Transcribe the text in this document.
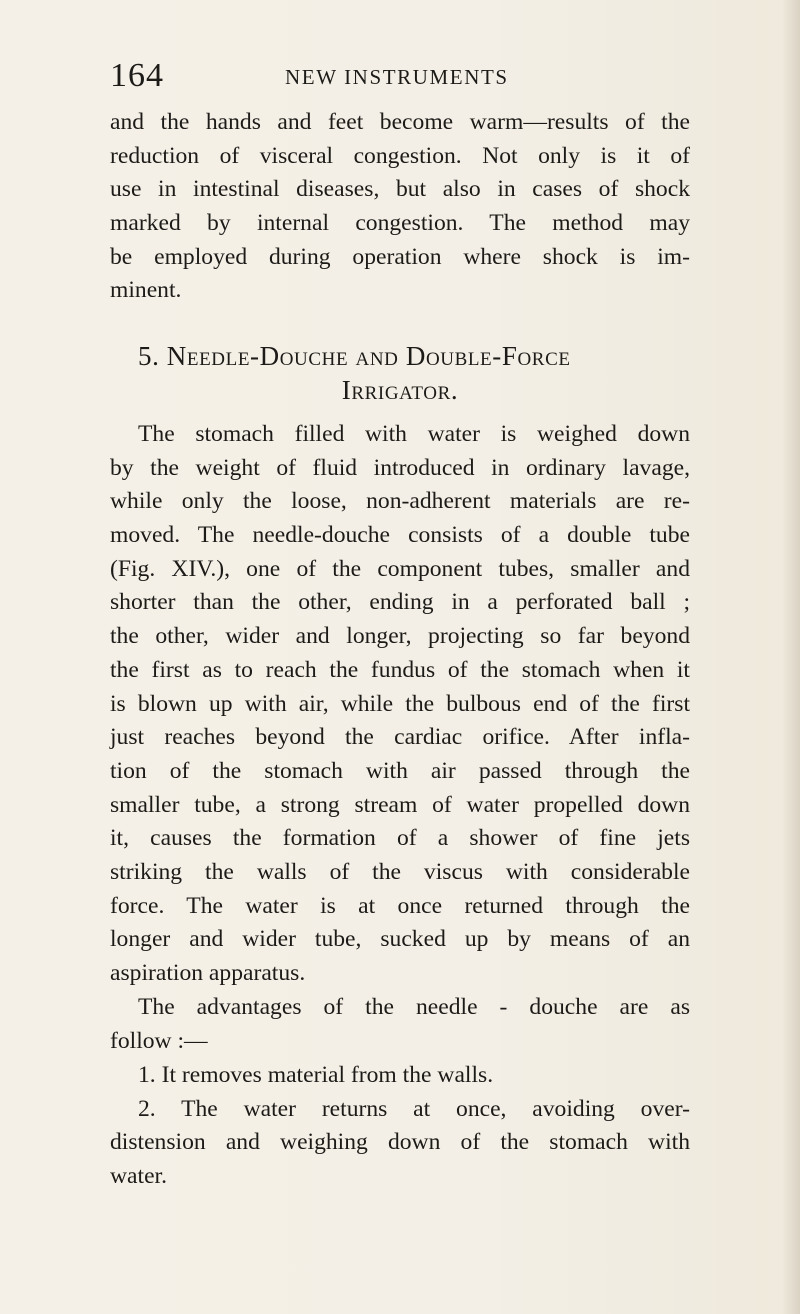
164	NEW INSTRUMENTS
and the hands and feet become warm—results of the
reduction of visceral congestion. Not only is it of
use in intestinal diseases, but also in cases of shock
marked by internal congestion. The method may
be employed during operation where shock is im-
minent.
5. Needle-Douche and Double-Force
Irrigator.
The stomach filled with water is weighed down
by the weight of fluid introduced in ordinary lavage,
while only the loose, non-adherent materials are re-
moved. The needle-douche consists of a double tube
(Fig. XIV.), one of the component tubes, smaller and
shorter than the other, ending in a perforated ball ;
the other, wider and longer, projecting so far beyond
the first as to reach the fundus of the stomach when it
is blown up with air, while the bulbous end of the first
just reaches beyond the cardiac orifice. After infla-
tion of the stomach with air passed through the
smaller tube, a strong stream of water propelled down
it, causes the formation of a shower of fine jets
striking the walls of the viscus with considerable
force. The water is at once returned through the
longer and wider tube, sucked up by means of an
aspiration apparatus.
The advantages of the needle - douche are as
follow :—
1. It removes material from the walls.
2. The water returns at once, avoiding over-
distension and weighing down of the stomach with
water.
